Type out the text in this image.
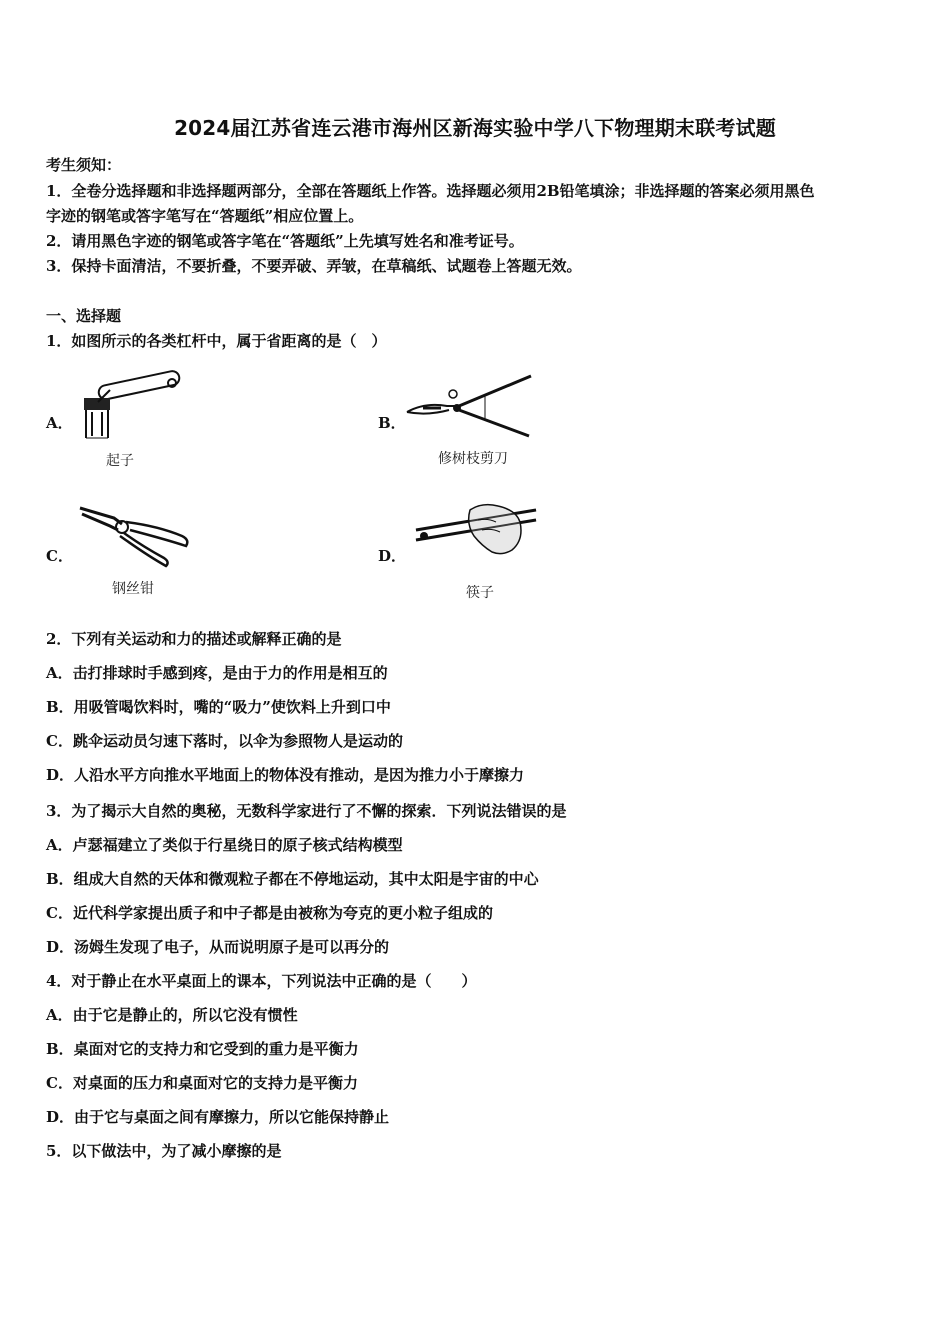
2024届江苏省连云港市海州区新海实验中学八下物理期末联考试题
考生须知：
1．全卷分选择题和非选择题两部分，全部在答题纸上作答。选择题必须用2B铅笔填涂；非选择题的答案必须用黑色
字迹的钢笔或答字笔写在“答题纸”相应位置上。
2．请用黑色字迹的钢笔或答字笔在“答题纸”上先填写姓名和准考证号。
3．保持卡面清洁，不要折叠，不要弄破、弄皱，在草稿纸、试题卷上答题无效。
一、选择题
1．如图所示的各类杠杆中，属于省距离的是（　）
A．
起子
B．
修树枝剪刀
C．
钢丝钳
D．
筷子
2．下列有关运动和力的描述或解释正确的是
A．击打排球时手感到疼，是由于力的作用是相互的
B．用吸管喝饮料时，嘴的“吸力”使饮料上升到口中
C．跳伞运动员匀速下落时，以伞为参照物人是运动的
D．人沿水平方向推水平地面上的物体没有推动，是因为推力小于摩擦力
3．为了揭示大自然的奥秘，无数科学家进行了不懈的探索．下列说法错误的是
A．卢瑟福建立了类似于行星绕日的原子核式结构模型
B．组成大自然的天体和微观粒子都在不停地运动，其中太阳是宇宙的中心
C．近代科学家提出质子和中子都是由被称为夸克的更小粒子组成的
D．汤姆生发现了电子，从而说明原子是可以再分的
4．对于静止在水平桌面上的课本，下列说法中正确的是（　　）
A．由于它是静止的，所以它没有惯性
B．桌面对它的支持力和它受到的重力是平衡力
C．对桌面的压力和桌面对它的支持力是平衡力
D．由于它与桌面之间有摩擦力，所以它能保持静止
5．以下做法中，为了减小摩擦的是
